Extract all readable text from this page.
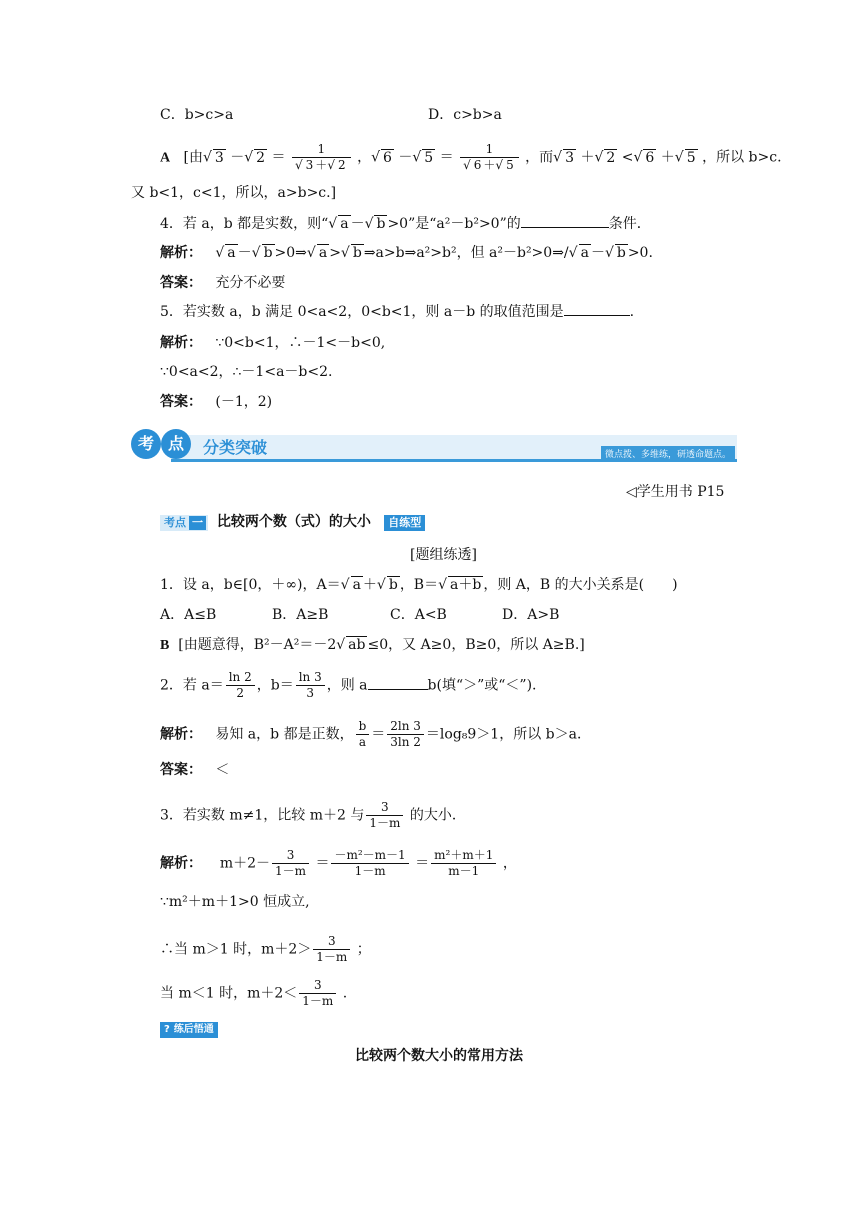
C．b>c>a	D．c>b>a
A [由√ 3 －√ $2 = \frac{1}{√ 3 +√ 2}$ ，√ 6 －√ $5 = \frac{1}{√ 6 +√ 5}$ ，而√ 3 ＋√ 2 <√ 6 ＋√ 5 ，所以 b>c.
又 b<1，c<1，所以，a>b>c.]
4．若 a，b 都是实数，则“√ a －√ b >0”是“a²－b²>0”的	条件．
解析：   √ a －√ b >0⇒√ a >√ b ⇒a>b⇒a²>b²，但 a²－b²>0⇒/√ a －√ b >0.
答案： 充分不必要
5．若实数 a，b 满足 0<a<2，0<b<1，则 a－b 的取值范围是	.
解析： ∵0<b<1，∴－1<－b<0,
∵0<a<2，∴－1<a－b<2.
答案： (－1，2)
考 点	分类突破	微点拨、多维练，研透命题点。
◁学生用书 P15
考点 一 比较两个数（式）的大小 自练型
[题组练透]
1．设 a，b∈[0，＋∞)，A＝√ a ＋√ b ，B＝√ a＋b ，则 A，B 的大小关系是(　　)
A．A≤B	B．A≥B	C．A<B	D．A>B
B [由题意得，B²－A²＝－2√ ab ≤0，又 A≥0，B≥0，所以 A≥B.]
2．若 $a= \frac{\ln 2}{2}$ ，$b= \frac{\ln 3}{3}$ ，则 a	b(填“＞”或“＜”).
解析： 易知 a，b 都是正数， $\frac{b}{a} = \frac{2\ln 3}{3\ln 2} =\log_89>1$，所以 b＞a．
答案： ＜
3．若实数 m≠1，比较 m＋2 与 $\frac{3}{1-m}$ 的大小．
解析： $m+2- \frac{3}{1-m} = \frac{\text{－m²－m－1}}{1-m} = \frac{\text{m²＋m＋1}}{m-1}$ ，
∵m²＋m＋1>0 恒成立,
∴当 m＞1 时，$m+2> \frac{3}{1-m}$ ；
当 m＜1 时，$m+2< \frac{3}{1-m}$ .
? 练后悟通
比较两个数大小的常用方法
